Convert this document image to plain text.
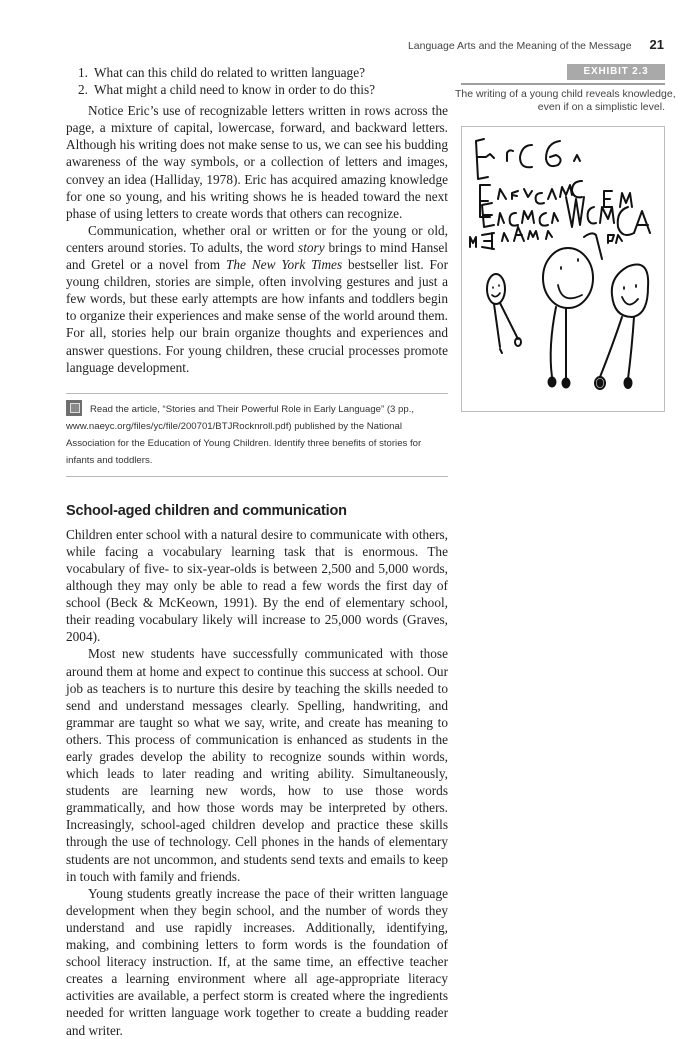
Language Arts and the Meaning of the Message 21
1. What can this child do related to written language?
2. What might a child need to know in order to do this?

Notice Eric’s use of recognizable letters written in rows across the page, a mixture of capital, lowercase, forward, and backward letters. Although his writing does not make sense to us, we can see his budding awareness of the way symbols, or a collection of letters and images, convey an idea (Halliday, 1978). Eric has acquired amazing knowledge for one so young, and his writing shows he is headed toward the next phase of using letters to create words that others can recognize.

Communication, whether oral or written or for the young or old, centers around stories. To adults, the word story brings to mind Hansel and Gretel or a novel from The New York Times bestseller list. For young children, stories are simple, often involving gestures and just a few words, but these early attempts are how infants and toddlers begin to organize their experiences and make sense of the world around them. For all, stories help our brain organize thoughts and experiences and answer questions. For young children, these crucial processes promote language development.

Read the article, “Stories and Their Powerful Role in Early Language” (3 pp., www.naeyc.org/files/yc/file/200701/BTJRocknroll.pdf) published by the National Association for the Education of Young Children. Identify three benefits of stories for infants and toddlers.
School-aged children and communication

Children enter school with a natural desire to communicate with others, while facing a vocabulary learning task that is enormous. The vocabulary of five- to six-year-olds is between 2,500 and 5,000 words, although they may only be able to read a few words the first day of school (Beck & McKeown, 1991). By the end of elementary school, their reading vocabulary likely will increase to 25,000 words (Graves, 2004).

Most new students have successfully communicated with those around them at home and expect to continue this success at school. Our job as teachers is to nurture this desire by teaching the skills needed to send and understand messages clearly. Spelling, handwriting, and grammar are taught so what we say, write, and create has meaning to others. This process of communication is enhanced as students in the early grades develop the ability to recognize sounds within words, which leads to later reading and writing ability. Simultaneously, students are learning new words, how to use those words grammatically, and how those words may be interpreted by others. Increasingly, school-aged children develop and practice these skills through the use of technology. Cell phones in the hands of elementary students are not uncommon, and students send texts and emails to keep in touch with family and friends.

Young students greatly increase the pace of their written language development when they begin school, and the number of words they understand and use rapidly increases. Additionally, identifying, making, and combining letters to form words is the foundation of school literacy instruction. If, at the same time, an effective teacher creates a learning environment where all age-appropriate literacy activities are available, a perfect storm is created where the ingredients needed for written language work together to create a budding reader and writer.

EXHIBIT 2.3
The writing of a young child reveals knowledge,
even if on a simplistic level.
